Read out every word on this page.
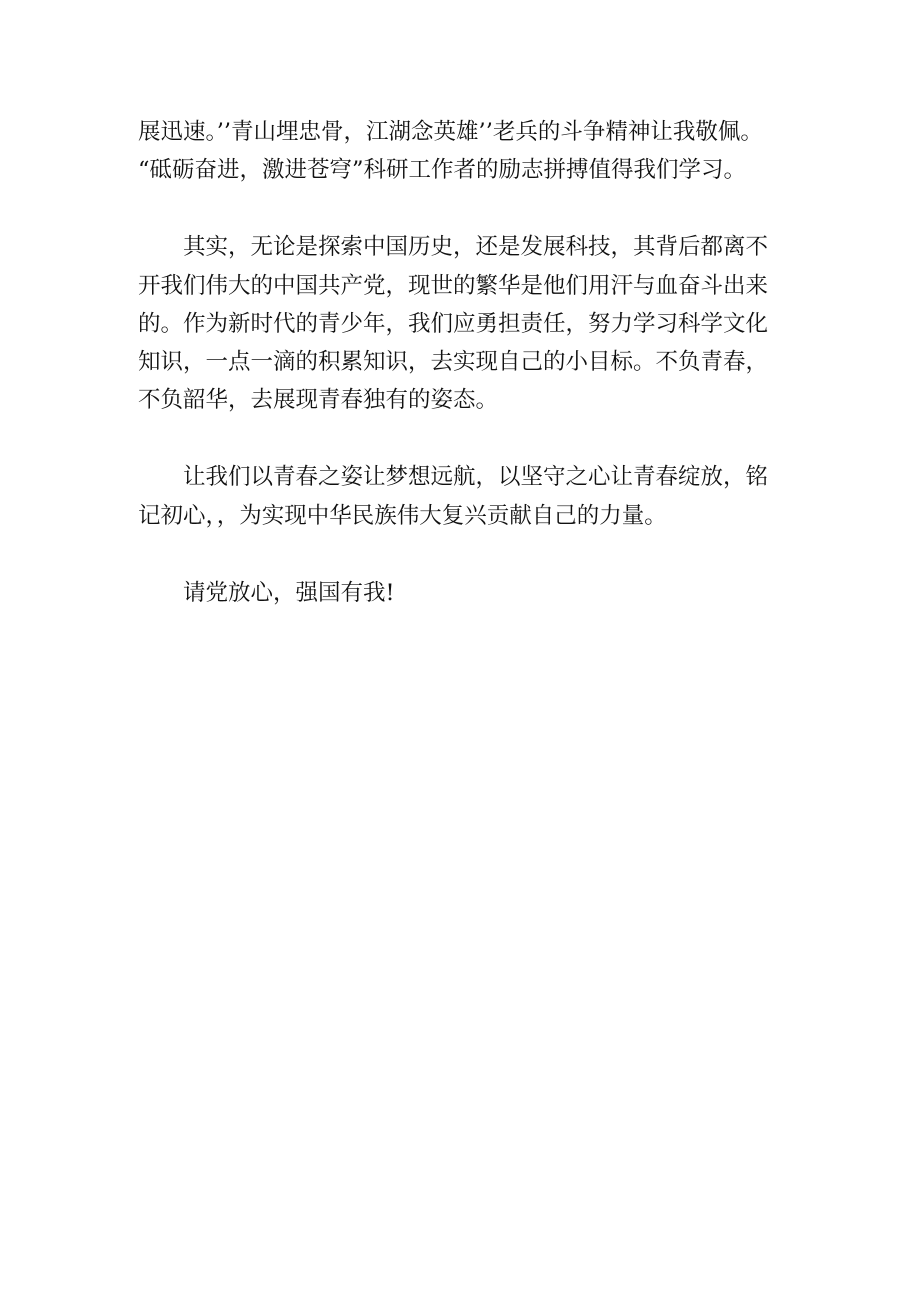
展迅速。’’青山埋忠骨，江湖念英雄’’老兵的斗争精神让我敬佩。
“砥砺奋进，激进苍穹”科研工作者的励志拼搏值得我们学习。
其实，无论是探索中国历史，还是发展科技，其背后都离不
开我们伟大的中国共产党，现世的繁华是他们用汗与血奋斗出来
的。作为新时代的青少年，我们应勇担责任，努力学习科学文化
知识，一点一滴的积累知识，去实现自己的小目标。不负青春，
不负韶华，去展现青春独有的姿态。
让我们以青春之姿让梦想远航，以坚守之心让青春绽放，铭
记初心，，为实现中华民族伟大复兴贡献自己的力量。
请党放心，强国有我!
